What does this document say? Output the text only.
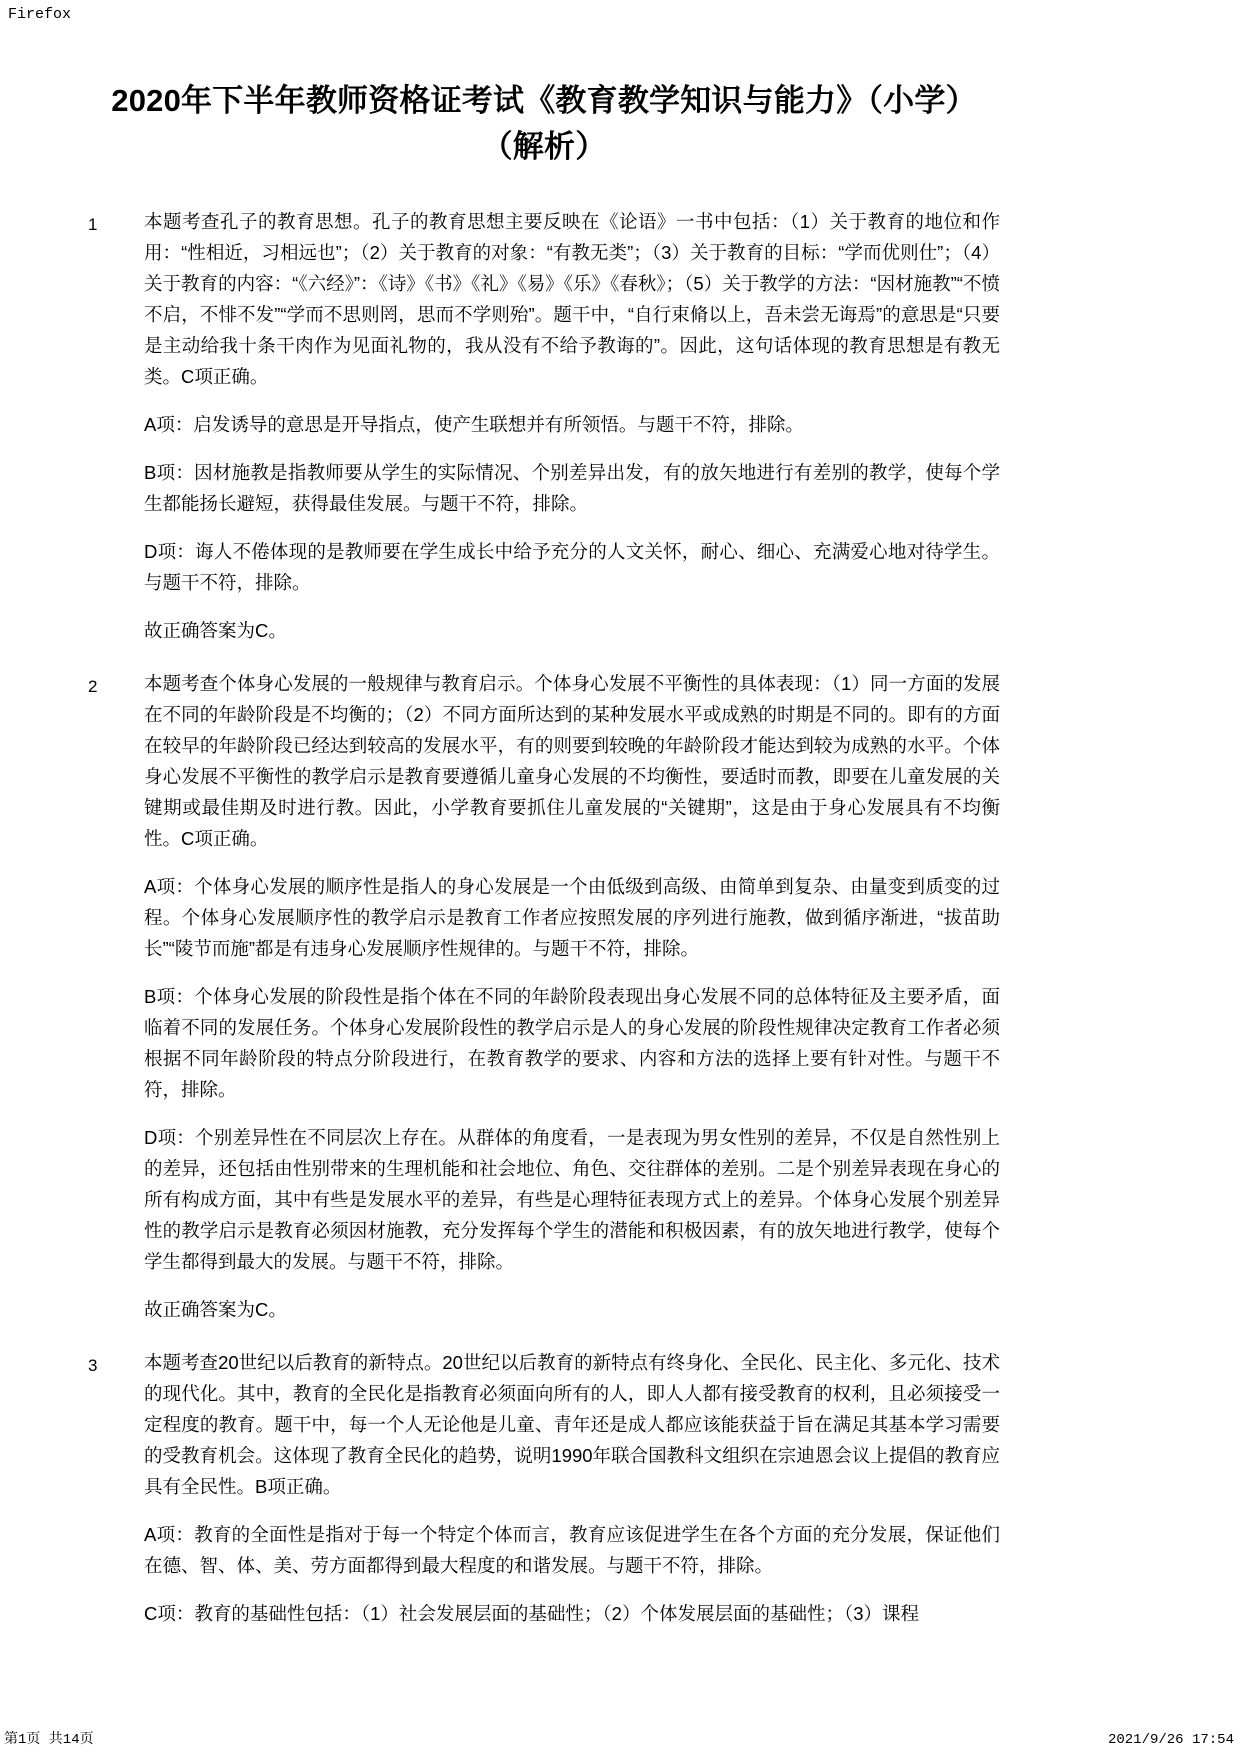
Firefox
2020年下半年教师资格证考试《教育教学知识与能力》（小学）（解析）
1	本题考查孔子的教育思想。孔子的教育思想主要反映在《论语》一书中包括：（1）关于教育的地位和作用：“性相近，习相远也”；（2）关于教育的对象：“有教无类”；（3）关于教育的目标：“学而优则仕”；（4）关于教育的内容：“《六经》”：《诗》《书》《礼》《易》《乐》《春秋》；（5）关于教学的方法：“因材施教”“不愤不启，不悱不发”“学而不思则罔，思而不学则殆”。题干中，“自行束脩以上，吾未尝无诲焉”的意思是“只要是主动给我十条干肉作为见面礼物的，我从没有不给予教诲的”。因此，这句话体现的教育思想是有教无类。C项正确。

A项：启发诱导的意思是开导指点，使产生联想并有所领悟。与题干不符，排除。

B项：因材施教是指教师要从学生的实际情况、个别差异出发，有的放矢地进行有差别的教学，使每个学生都能扬长避短，获得最佳发展。与题干不符，排除。

D项：诲人不倦体现的是教师要在学生成长中给予充分的人文关怀，耐心、细心、充满爱心地对待学生。与题干不符，排除。

故正确答案为C。

2	本题考查个体身心发展的一般规律与教育启示。个体身心发展不平衡性的具体表现：（1）同一方面的发展在不同的年龄阶段是不均衡的；（2）不同方面所达到的某种发展水平或成熟的时期是不同的。即有的方面在较早的年龄阶段已经达到较高的发展水平，有的则要到较晚的年龄阶段才能达到较为成熟的水平。个体身心发展不平衡性的教学启示是教育要遵循儿童身心发展的不均衡性，要适时而教，即要在儿童发展的关键期或最佳期及时进行教。因此，小学教育要抓住儿童发展的“关键期”，这是由于身心发展具有不均衡性。C项正确。

A项：个体身心发展的顺序性是指人的身心发展是一个由低级到高级、由简单到复杂、由量变到质变的过程。个体身心发展顺序性的教学启示是教育工作者应按照发展的序列进行施教，做到循序渐进，“拔苗助长”“陵节而施”都是有违身心发展顺序性规律的。与题干不符，排除。

B项：个体身心发展的阶段性是指个体在不同的年龄阶段表现出身心发展不同的总体特征及主要矛盾，面临着不同的发展任务。个体身心发展阶段性的教学启示是人的身心发展的阶段性规律决定教育工作者必须根据不同年龄阶段的特点分阶段进行，在教育教学的要求、内容和方法的选择上要有针对性。与题干不符，排除。

D项：个别差异性在不同层次上存在。从群体的角度看，一是表现为男女性别的差异，不仅是自然性别上的差异，还包括由性别带来的生理机能和社会地位、角色、交往群体的差别。二是个别差异表现在身心的所有构成方面，其中有些是发展水平的差异，有些是心理特征表现方式上的差异。个体身心发展个别差异性的教学启示是教育必须因材施教，充分发挥每个学生的潜能和积极因素，有的放矢地进行教学，使每个学生都得到最大的发展。与题干不符，排除。

故正确答案为C。

3	本题考查20世纪以后教育的新特点。20世纪以后教育的新特点有终身化、全民化、民主化、多元化、技术的现代化。其中，教育的全民化是指教育必须面向所有的人，即人人都有接受教育的权利，且必须接受一定程度的教育。题干中，每一个人无论他是儿童、青年还是成人都应该能获益于旨在满足其基本学习需要的受教育机会。这体现了教育全民化的趋势，说明1990年联合国教科文组织在宗迪恩会议上提倡的教育应具有全民性。B项正确。

A项：教育的全面性是指对于每一个特定个体而言，教育应该促进学生在各个方面的充分发展，保证他们在德、智、体、美、劳方面都得到最大程度的和谐发展。与题干不符，排除。

C项：教育的基础性包括：（1）社会发展层面的基础性；（2）个体发展层面的基础性；（3）课程

第1页 共14页	2021/9/26 17:54
